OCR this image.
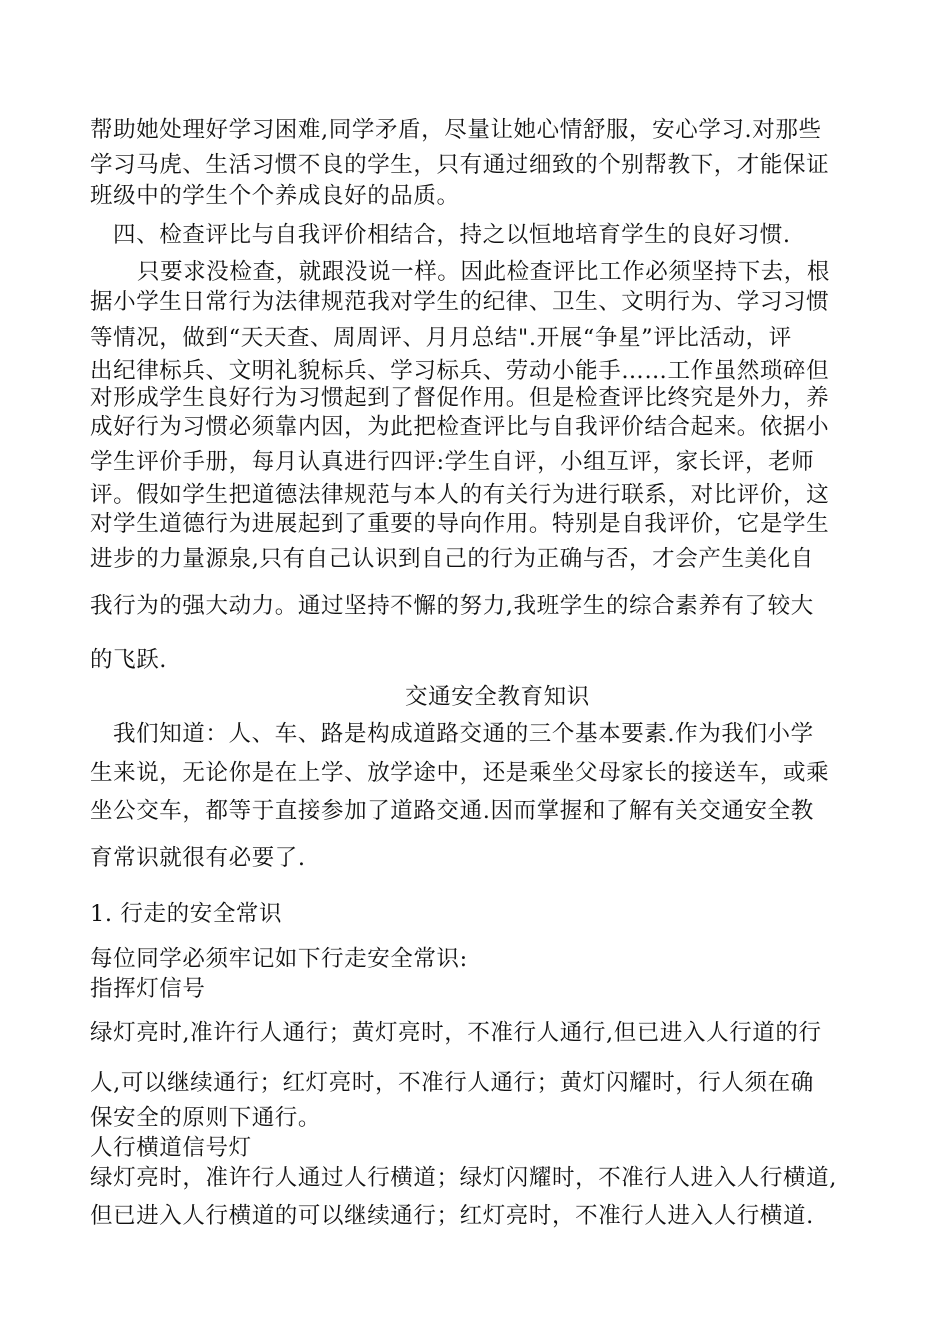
帮助她处理好学习困难,同学矛盾，尽量让她心情舒服，安心学习.对那些
学习马虎、生活习惯不良的学生，只有通过细致的个别帮教下，才能保证
班级中的学生个个养成良好的品质。
四、检查评比与自我评价相结合，持之以恒地培育学生的良好习惯.
只要求没检查，就跟没说一样。因此检查评比工作必须坚持下去，根
据小学生日常行为法律规范我对学生的纪律、卫生、文明行为、学习习惯
等情况，做到“天天查、周周评、月月总结".开展“争星”评比活动，评
出纪律标兵、文明礼貌标兵、学习标兵、劳动小能手……工作虽然琐碎但
对形成学生良好行为习惯起到了督促作用。但是检查评比终究是外力，养
成好行为习惯必须靠内因，为此把检查评比与自我评价结合起来。依据小
学生评价手册，每月认真进行四评:学生自评，小组互评，家长评，老师
评。假如学生把道德法律规范与本人的有关行为进行联系，对比评价，这
对学生道德行为进展起到了重要的导向作用。特别是自我评价，它是学生
进步的力量源泉,只有自己认识到自己的行为正确与否，才会产生美化自
我行为的强大动力。通过坚持不懈的努力,我班学生的综合素养有了较大
的飞跃.
交通安全教育知识
我们知道：人、车、路是构成道路交通的三个基本要素.作为我们小学
生来说，无论你是在上学、放学途中，还是乘坐父母家长的接送车，或乘
坐公交车，都等于直接参加了道路交通.因而掌握和了解有关交通安全教
育常识就很有必要了.
1. 行走的安全常识
每位同学必须牢记如下行走安全常识:
指挥灯信号
绿灯亮时,准许行人通行；黄灯亮时，不准行人通行,但已进入人行道的行
人,可以继续通行；红灯亮时，不准行人通行；黄灯闪耀时，行人须在确
保安全的原则下通行。
人行横道信号灯
绿灯亮时，准许行人通过人行横道；绿灯闪耀时，不准行人进入人行横道,
但已进入人行横道的可以继续通行；红灯亮时，不准行人进入人行横道.
